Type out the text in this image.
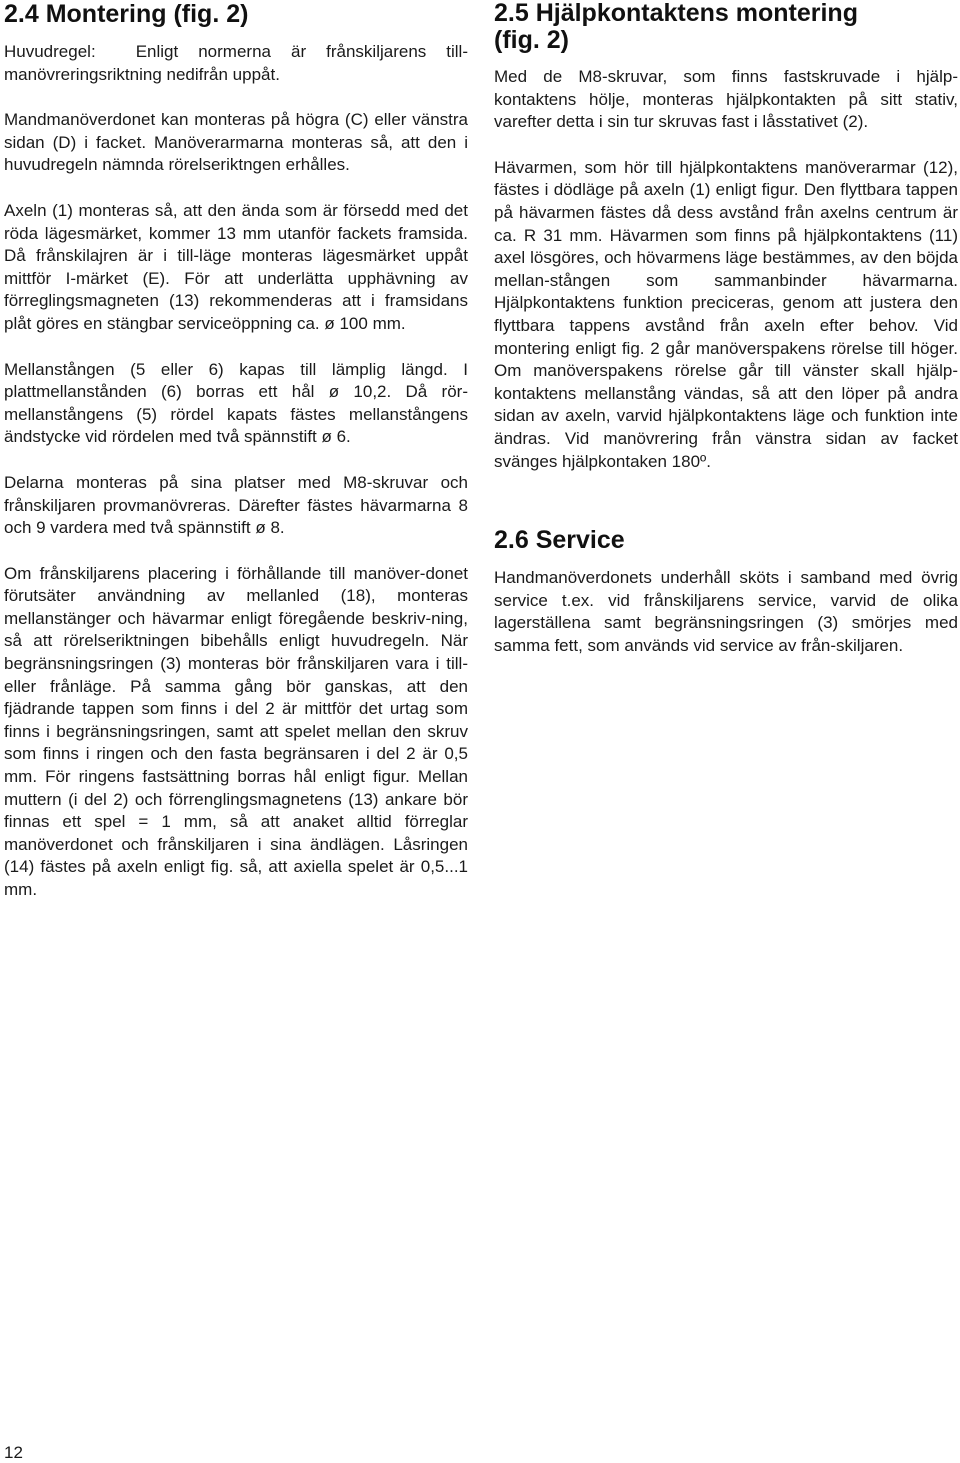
2.4 Montering (fig. 2)

Huvudregel:  Enligt normerna är frånskiljarens till-manövreringsriktning nedifrån uppåt.

Mandmanöverdonet kan monteras på högra (C) eller vänstra sidan (D) i facket. Manöverarmarna monteras så, att den i huvudregeln nämnda rörelseriktngen erhålles.

Axeln (1) monteras så, att den ända som är försedd med det röda lägesmärket, kommer 13 mm utanför fackets framsida. Då frånskilajren är i till-läge monteras lägesmärket uppåt mittför I-märket (E). För att underlätta upphävning av förreglingsmagneten (13) rekommenderas att i framsidans plåt göres en stängbar serviceöppning ca. ø 100 mm.

Mellanstången (5 eller 6) kapas till lämplig längd. I plattmellanstånden (6) borras ett hål ø 10,2. Då rör-mellanstångens (5) rördel kapats fästes mellanstångens ändstycke vid rördelen med två spännstift ø 6.

Delarna monteras på sina platser med M8-skruvar och frånskiljaren provmanövreras. Därefter fästes hävarmarna 8 och 9 vardera med två spännstift ø 8.

Om frånskiljarens placering i förhållande till manöver-donet förutsäter användning av mellanled (18), monteras mellanstänger och hävarmar enligt föregående beskriv-ning, så att rörelseriktningen bibehålls enligt huvudregeln. När begränsningsringen (3) monteras bör frånskiljaren vara i till- eller frånläge. På samma gång bör ganskas, att den fjädrande tappen som finns i del 2 är mittför det urtag som finns i begränsningsringen, samt att spelet mellan den skruv som finns i ringen och den fasta begränsaren i del 2 är 0,5 mm. För ringens fastsättning borras hål enligt figur. Mellan muttern (i del 2) och förrenglingsmagnetens (13) ankare bör finnas ett spel = 1 mm, så att anaket alltid förreglar manöverdonet och frånskiljaren i sina ändlägen. Låsringen (14) fästes på axeln enligt fig. så, att axiella spelet är 0,5...1 mm.

2.5 Hjälpkontaktens montering
(fig. 2)

Med de M8-skruvar, som finns fastskruvade i hjälp-kontaktens hölje, monteras hjälpkontakten på sitt stativ, varefter detta i sin tur skruvas fast i låsstativet (2).

Hävarmen, som hör till hjälpkontaktens manöverarmar (12), fästes i dödläge på axeln (1) enligt figur. Den flyttbara tappen på hävarmen fästes då dess avstånd från axelns centrum är ca. R 31 mm. Hävarmen som finns på hjälpkontaktens (11) axel lösgöres, och hövarmens läge bestämmes, av den böjda mellan-stången som sammanbinder hävarmarna. Hjälpkontaktens funktion preciceras, genom att justera den flyttbara tappens avstånd från axeln efter behov. Vid montering enligt fig. 2 går manöverspakens rörelse till höger. Om manöverspakens rörelse går till vänster skall hjälp-kontaktens mellanstång vändas, så att den löper på andra sidan av axeln, varvid hjälpkontaktens läge och funktion inte ändras. Vid manövrering från vänstra sidan av facket svänges hjälpkontaken 180º.

2.6 Service

Handmanöverdonets underhåll sköts i samband med övrig service t.ex. vid frånskiljarens service, varvid de olika lagerställena samt begränsningsringen (3) smörjes med samma fett, som används vid service av från-skiljaren.

12
